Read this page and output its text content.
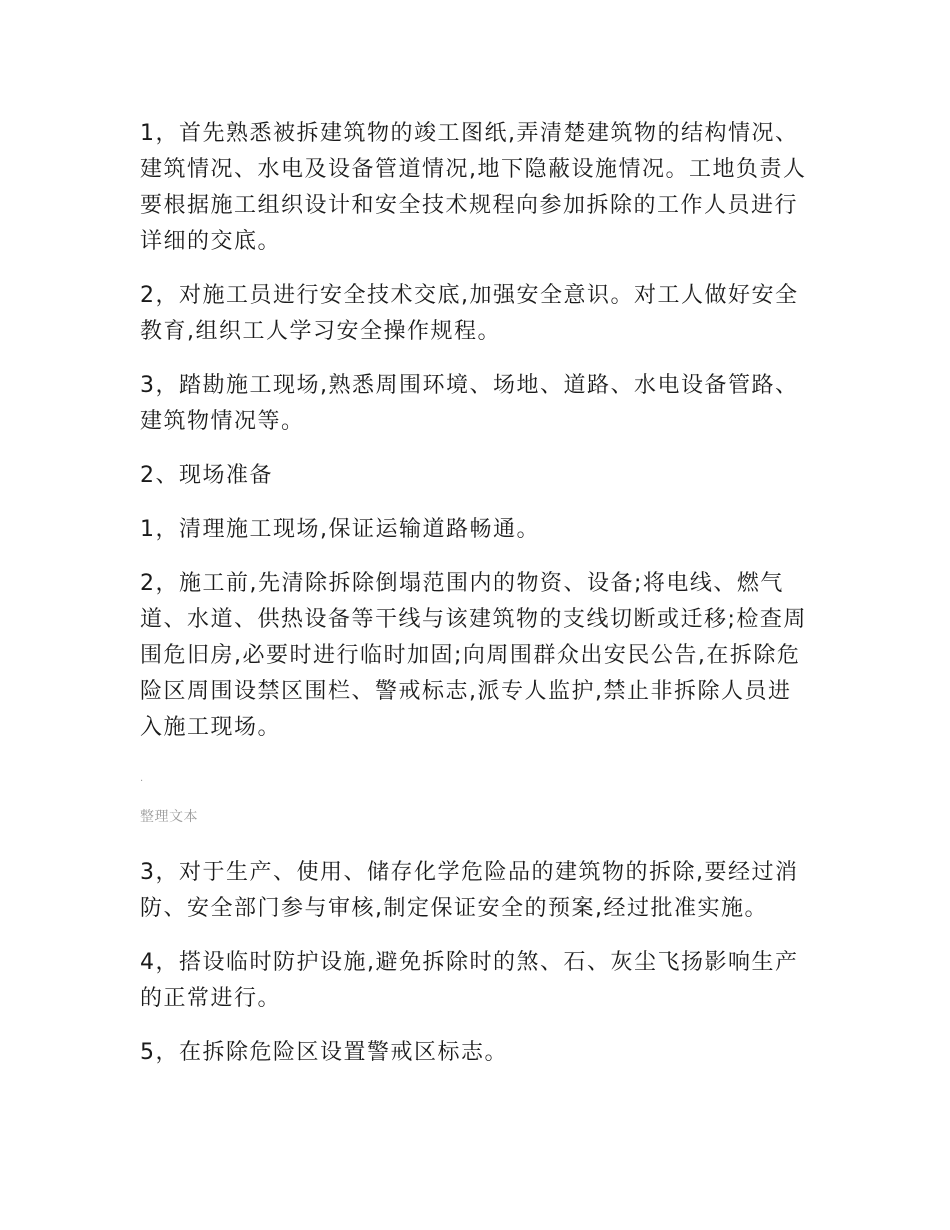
1，首先熟悉被拆建筑物的竣工图纸,弄清楚建筑物的结构情况、建筑情况、水电及设备管道情况,地下隐蔽设施情况。工地负责人要根据施工组织设计和安全技术规程向参加拆除的工作人员进行详细的交底。

2，对施工员进行安全技术交底,加强安全意识。对工人做好安全教育,组织工人学习安全操作规程。

3，踏勘施工现场,熟悉周围环境、场地、道路、水电设备管路、建筑物情况等。

2、现场准备

1，清理施工现场,保证运输道路畅通。

2，施工前,先清除拆除倒塌范围内的物资、设备;将电线、燃气道、水道、供热设备等干线与该建筑物的支线切断或迁移;检查周围危旧房,必要时进行临时加固;向周围群众出安民公告,在拆除危险区周围设禁区围栏、警戒标志,派专人监护,禁止非拆除人员进入施工现场。

.

整理文本

3，对于生产、使用、储存化学危险品的建筑物的拆除,要经过消防、安全部门参与审核,制定保证安全的预案,经过批准实施。

4，搭设临时防护设施,避免拆除时的煞、石、灰尘飞扬影响生产的正常进行。

5，在拆除危险区设置警戒区标志。
